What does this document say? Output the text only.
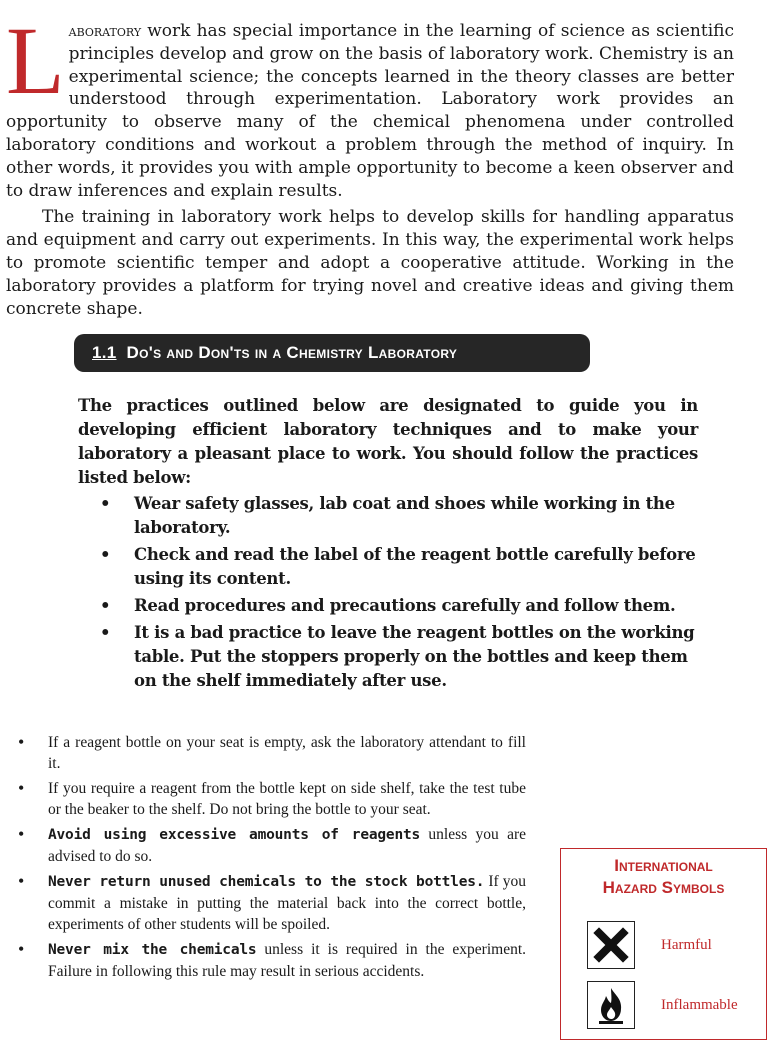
Laboratory work has special importance in the learning of science as scientific principles develop and grow on the basis of laboratory work. Chemistry is an experimental science; the concepts learned in the theory classes are better understood through experimentation. Laboratory work provides an opportunity to observe many of the chemical phenomena under controlled laboratory conditions and workout a problem through the method of inquiry. In other words, it provides you with ample opportunity to become a keen observer and to draw inferences and explain results.

The training in laboratory work helps to develop skills for handling apparatus and equipment and carry out experiments. In this way, the experimental work helps to promote scientific temper and adopt a cooperative attitude. Working in the laboratory provides a platform for trying novel and creative ideas and giving them concrete shape.

1.1 Do's and Don'ts in a Chemistry Laboratory

The practices outlined below are designated to guide you in developing efficient laboratory techniques and to make your laboratory a pleasant place to work. You should follow the practices listed below:

• Wear safety glasses, lab coat and shoes while working in the laboratory.
• Check and read the label of the reagent bottle carefully before using its content.
• Read procedures and precautions carefully and follow them.
• It is a bad practice to leave the reagent bottles on the working table. Put the stoppers properly on the bottles and keep them on the shelf immediately after use.
• If a reagent bottle on your seat is empty, ask the laboratory attendant to fill it.
• If you require a reagent from the bottle kept on side shelf, take the test tube or the beaker to the shelf. Do not bring the bottle to your seat.
• Avoid using excessive amounts of reagents unless you are advised to do so.
• Never return unused chemicals to the stock bottles. If you commit a mistake in putting the material back into the correct bottle, experiments of other students will be spoiled.
• Never mix the chemicals unless it is required in the experiment. Failure in following this rule may result in serious accidents.
International
Hazard Symbols
Harmful
Inflammable
